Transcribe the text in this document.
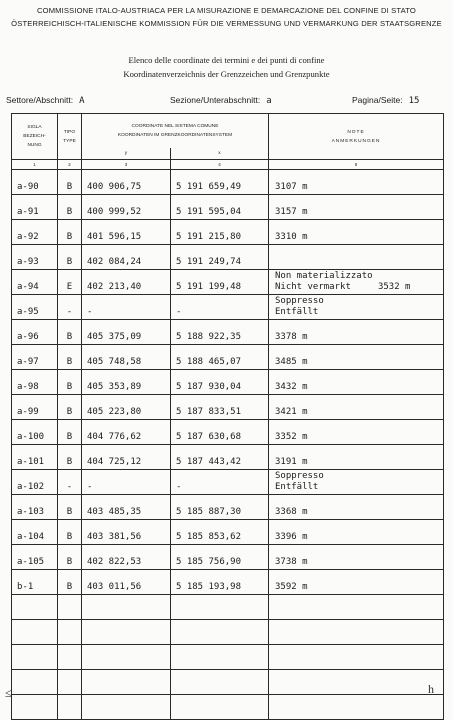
COMMISSIONE ITALO-AUSTRIACA PER LA MISURAZIONE E DEMARCAZIONE DEL CONFINE DI STATO
ÖSTERREICHISCH-ITALIENISCHE KOMMISSION FÜR DIE VERMESSUNG UND VERMARKUNG DER STAATSGRENZE
Elenco delle coordinate dei termini e dei punti di confine
Koordinatenverzeichnis der Grenzzeichen und Grenzpunkte
Settore/Abschnitt: A	Sezione/Unterabschnitt: a	Pagina/Seite: 15
SIGLA
BEZEICH-
NUNG	TIPO
TYPE	COORDINATE NEL SISTEMA COMUNE
KOORDINATEN IM GRENZKOORDINATENSYSTEM		NOTE
ANMERKUNGEN
		y	x	
1	2	3	4	5
a-90	B	400 906,75	5 191 659,49	3107 m

a-91	B	400 999,52	5 191 595,04	3157 m

a-92	B	401 596,15	5 191 215,80	3310 m

a-93	B	402 084,24	5 191 249,74	

a-94	E	402 213,40	5 191 199,48	Non materializzato
Nicht vermarkt     3532 m

a-95	-	-	-	Soppresso
Entfällt

a-96	B	405 375,09	5 188 922,35	3378 m

a-97	B	405 748,58	5 188 465,07	3485 m

a-98	B	405 353,89	5 187 930,04	3432 m

a-99	B	405 223,80	5 187 833,51	3421 m

a-100	B	404 776,62	5 187 630,68	3352 m

a-101	B	404 725,12	5 187 443,42	3191 m

a-102	-	-	-	Soppresso
Entfällt

a-103	B	403 485,35	5 185 887,30	3368 m

a-104	B	403 381,56	5 185 853,62	3396 m

a-105	B	402 822,53	5 185 756,90	3738 m

b-1	B	403 011,56	5 185 193,98	3592 m

≤	h
